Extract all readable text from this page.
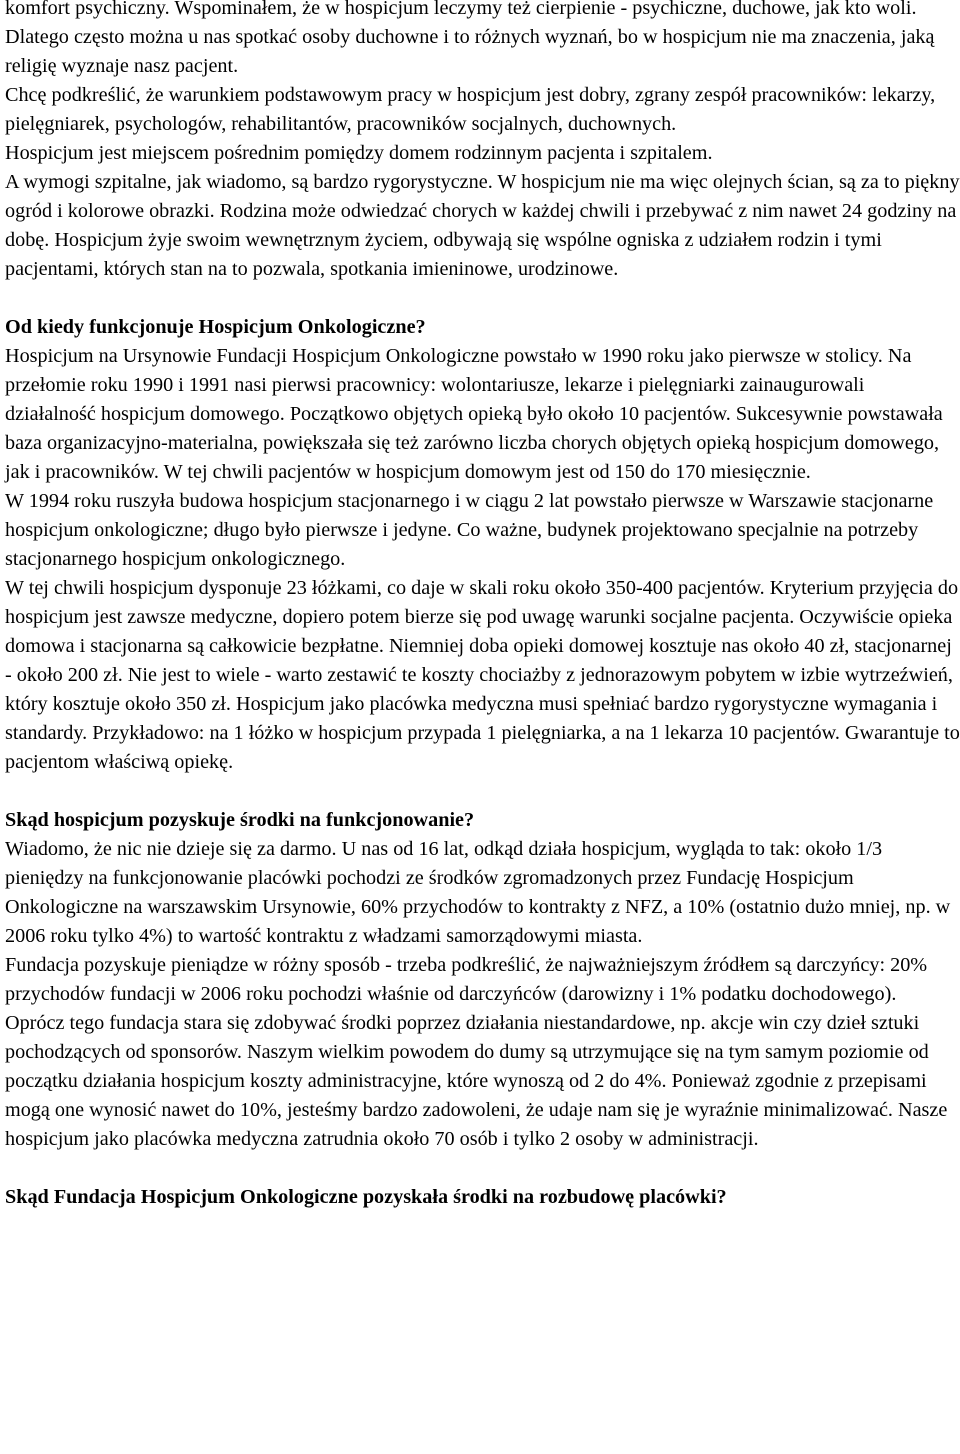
komfort psychiczny. Wspominałem, że w hospicjum leczymy też cierpienie - psychiczne, duchowe, jak kto woli. Dlatego często można u nas spotkać osoby duchowne i to różnych wyznań, bo w hospicjum nie ma znaczenia, jaką religię wyznaje nasz pacjent.

Chcę podkreślić, że warunkiem podstawowym pracy w hospicjum jest dobry, zgrany zespół pracowników: lekarzy, pielęgniarek, psychologów, rehabilitantów, pracowników socjalnych, duchownych.

Hospicjum jest miejscem pośrednim pomiędzy domem rodzinnym pacjenta i szpitalem.

A wymogi szpitalne, jak wiadomo, są bardzo rygorystyczne. W hospicjum nie ma więc olejnych ścian, są za to piękny ogród i kolorowe obrazki. Rodzina może odwiedzać chorych w każdej chwili i przebywać z nim nawet 24 godziny na dobę. Hospicjum żyje swoim wewnętrznym życiem, odbywają się wspólne ogniska z udziałem rodzin i tymi pacjentami, których stan na to pozwala, spotkania imieninowe, urodzinowe.

Od kiedy funkcjonuje Hospicjum Onkologiczne?

Hospicjum na Ursynowie Fundacji Hospicjum Onkologiczne powstało w 1990 roku jako pierwsze w stolicy. Na przełomie roku 1990 i 1991 nasi pierwsi pracownicy: wolontariusze, lekarze i pielęgniarki zainaugurowali działalność hospicjum domowego. Początkowo objętych opieką było około 10 pacjentów. Sukcesywnie powstawała baza organizacyjno-materialna, powiększała się też zarówno liczba chorych objętych opieką hospicjum domowego, jak i pracowników. W tej chwili pacjentów w hospicjum domowym jest od 150 do 170 miesięcznie.

W 1994 roku ruszyła budowa hospicjum stacjonarnego i w ciągu 2 lat powstało pierwsze w Warszawie stacjonarne hospicjum onkologiczne; długo było pierwsze i jedyne. Co ważne, budynek projektowano specjalnie na potrzeby stacjonarnego hospicjum onkologicznego.

W tej chwili hospicjum dysponuje 23 łóżkami, co daje w skali roku około 350-400 pacjentów. Kryterium przyjęcia do hospicjum jest zawsze medyczne, dopiero potem bierze się pod uwagę warunki socjalne pacjenta. Oczywiście opieka domowa i stacjonarna są całkowicie bezpłatne. Niemniej doba opieki domowej kosztuje nas około 40 zł, stacjonarnej - około 200 zł. Nie jest to wiele - warto zestawić te koszty chociażby z jednorazowym pobytem w izbie wytrzeźwień, który kosztuje około 350 zł. Hospicjum jako placówka medyczna musi spełniać bardzo rygorystyczne wymagania i standardy. Przykładowo: na 1 łóżko w hospicjum przypada 1 pielęgniarka, a na 1 lekarza 10 pacjentów. Gwarantuje to pacjentom właściwą opiekę.

Skąd hospicjum pozyskuje środki na funkcjonowanie?

Wiadomo, że nic nie dzieje się za darmo. U nas od 16 lat, odkąd działa hospicjum, wygląda to tak: około 1/3 pieniędzy na funkcjonowanie placówki pochodzi ze środków zgromadzonych przez Fundację Hospicjum Onkologiczne na warszawskim Ursynowie, 60% przychodów to kontrakty z NFZ, a 10% (ostatnio dużo mniej, np. w 2006 roku tylko 4%) to wartość kontraktu z władzami samorządowymi miasta.

Fundacja pozyskuje pieniądze w różny sposób - trzeba podkreślić, że najważniejszym źródłem są darczyńcy: 20% przychodów fundacji w 2006 roku pochodzi właśnie od darczyńców (darowizny i 1% podatku dochodowego). Oprócz tego fundacja stara się zdobywać środki poprzez działania niestandardowe, np. akcje win czy dzieł sztuki pochodzących od sponsorów. Naszym wielkim powodem do dumy są utrzymujące się na tym samym poziomie od początku działania hospicjum koszty administracyjne, które wynoszą od 2 do 4%. Ponieważ zgodnie z przepisami mogą one wynosić nawet do 10%, jesteśmy bardzo zadowoleni, że udaje nam się je wyraźnie minimalizować. Nasze hospicjum jako placówka medyczna zatrudnia około 70 osób i tylko 2 osoby w administracji.

Skąd Fundacja Hospicjum Onkologiczne pozyskała środki na rozbudowę placówki?
